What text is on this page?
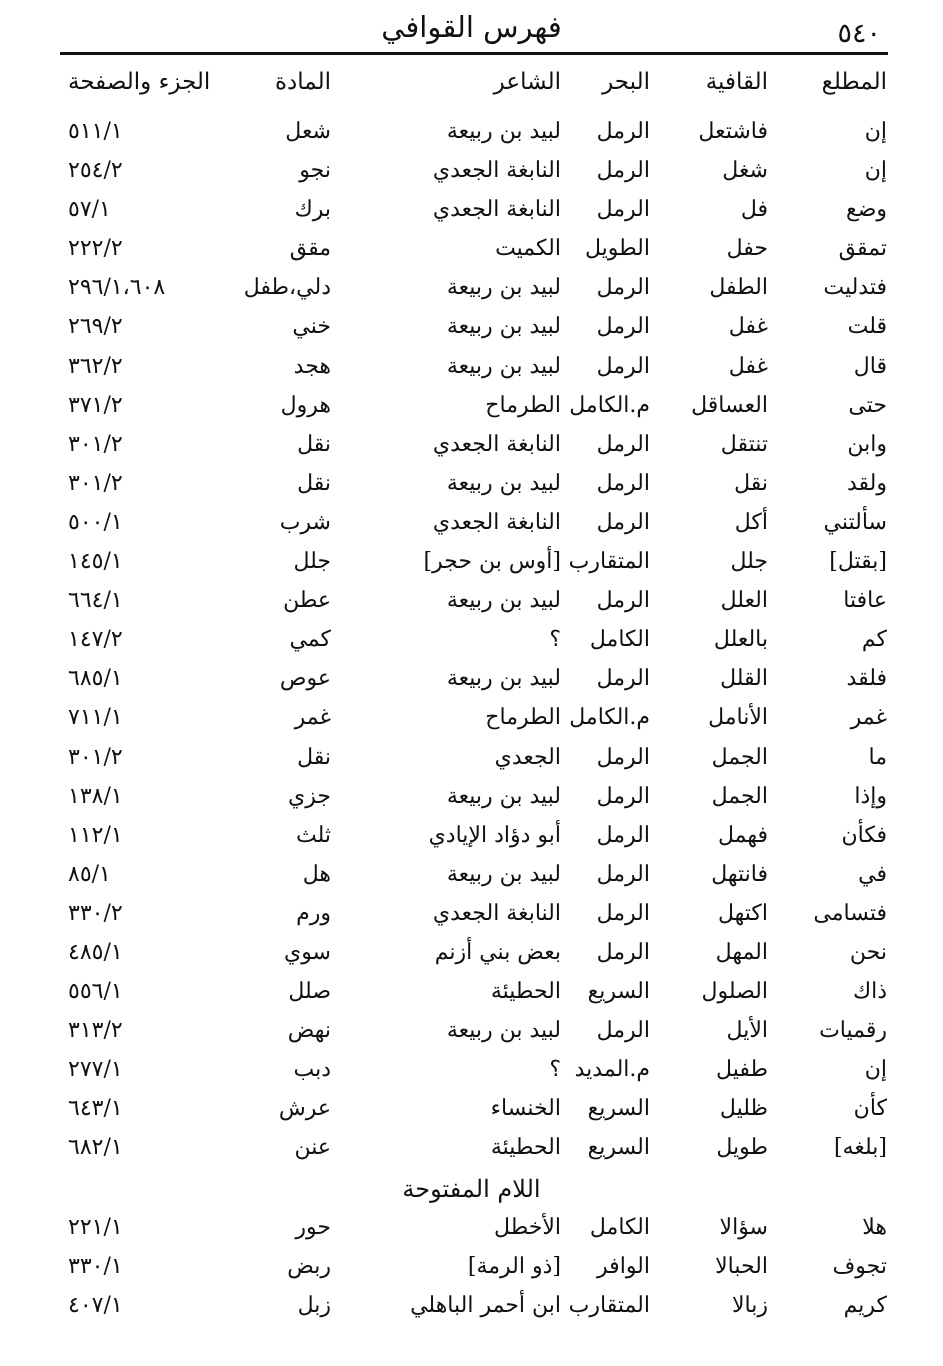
٥٤٠
فهرس القوافي
المطلع
القافية
البحر
الشاعر
المادة
الجزء والصفحة
إن
فاشتعل
الرمل
لبيد بن ربيعة
شعل
٥١١/١
إن
شغل
الرمل
النابغة الجعدي
نجو
٢٥٤/٢
وضع
فل
الرمل
النابغة الجعدي
برك
٥٧/١
تمقق
حفل
الطويل
الكميت
مقق
٢٢٢/٢
فتدليت
الطفل
الرمل
لبيد بن ربيعة
دلي،طفل
٢٩٦/١،٦٠٨
قلت
غفل
الرمل
لبيد بن ربيعة
خني
٢٦٩/٢
قال
غفل
الرمل
لبيد بن ربيعة
هجد
٣٦٢/٢
حتى
العساقل
م.الكامل
الطرماح
هرول
٣٧١/٢
وابن
تنتقل
الرمل
النابغة الجعدي
نقل
٣٠١/٢
ولقد
نقل
الرمل
لبيد بن ربيعة
نقل
٣٠١/٢
سألتني
أكل
الرمل
النابغة الجعدي
شرب
٥٠٠/١
[بقتل]
جلل
المتقارب
[أوس بن حجر]
جلل
١٤٥/١
عافتا
العلل
الرمل
لبيد بن ربيعة
عطن
٦٦٤/١
كم
بالعلل
الكامل
؟
كمي
١٤٧/٢
فلقد
القلل
الرمل
لبيد بن ربيعة
عوص
٦٨٥/١
غمر
الأنامل
م.الكامل
الطرماح
غمر
٧١١/١
ما
الجمل
الرمل
الجعدي
نقل
٣٠١/٢
وإذا
الجمل
الرمل
لبيد بن ربيعة
جزي
١٣٨/١
فكأن
فهمل
الرمل
أبو دؤاد الإيادي
ثلث
١١٢/١
في
فانتهل
الرمل
لبيد بن ربيعة
هل
٨٥/١
فتسامى
اكتهل
الرمل
النابغة الجعدي
ورم
٣٣٠/٢
نحن
المهل
الرمل
بعض بني أزنم
سوي
٤٨٥/١
ذاك
الصلول
السريع
الحطيئة
صلل
٥٥٦/١
رقميات
الأيل
الرمل
لبيد بن ربيعة
نهض
٣١٣/٢
إن
طفيل
م.المديد
؟
دبب
٢٧٧/١
كأن
ظليل
السريع
الخنساء
عرش
٦٤٣/١
[بلغه]
طويل
السريع
الحطيئة
عنن
٦٨٢/١
اللام المفتوحة
هلا
سؤالا
الكامل
الأخطل
حور
٢٢١/١
تجوف
الحبالا
الوافر
[ذو الرمة]
ربض
٣٣٠/١
كريم
زبالا
المتقارب
ابن أحمر الباهلي
زبل
٤٠٧/١
